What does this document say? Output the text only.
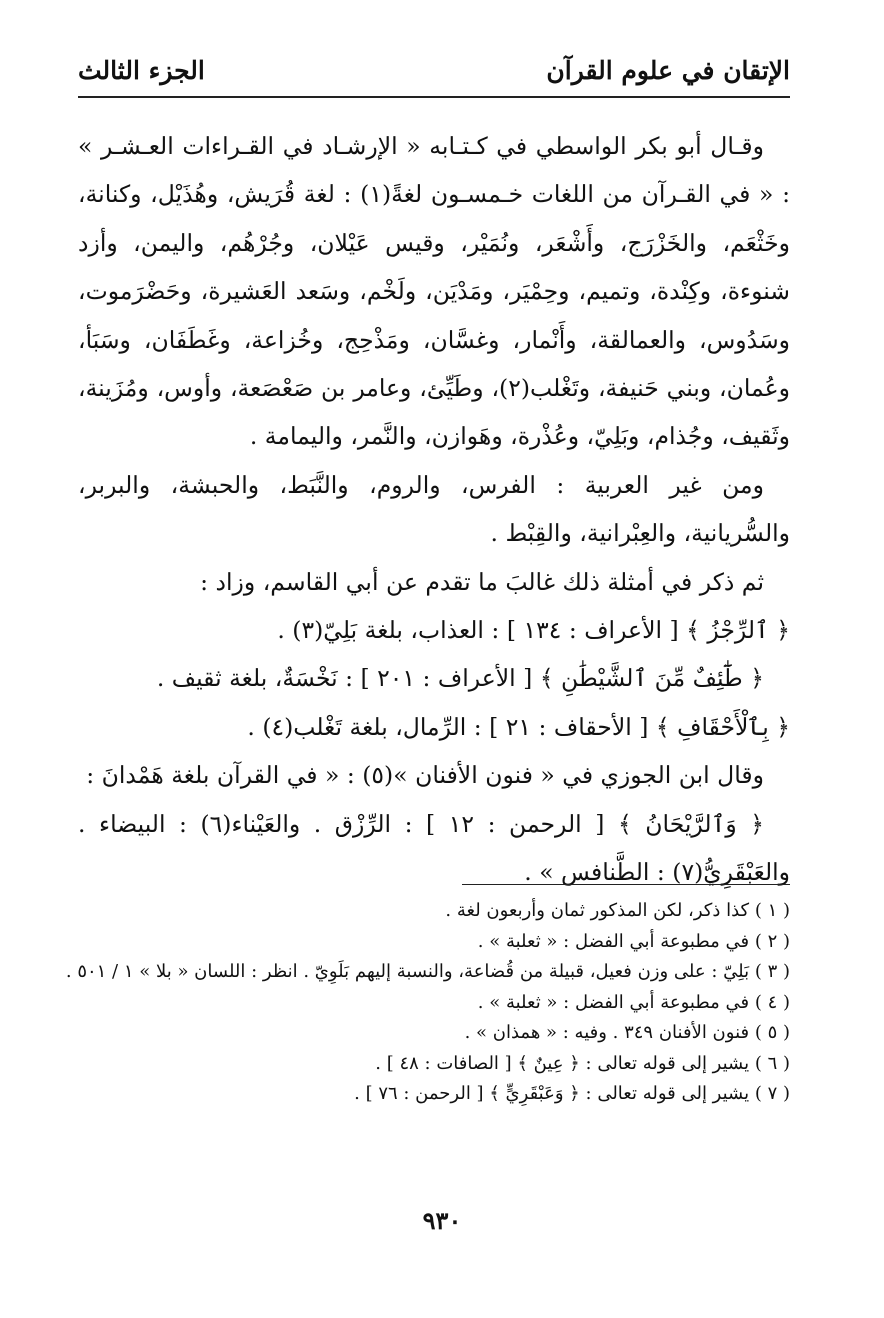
الإتقان في علوم القرآن
الجزء الثالث

وقـال أبو بكر الواسطي في كـتـابه « الإرشـاد في القـراءات العـشـر » : « في القـرآن من اللغات خـمسـون لغةً(١) : لغة قُرَيش، وهُذَيْل، وكنانة، وخَثْعَم، والخَزْرَج، وأَشْعَر، ونُمَيْر، وقيس عَيْلان، وجُرْهُم، واليمن، وأزد شنوءة، وكِنْدة، وتميم، وحِمْيَر، ومَدْيَن، ولَخْم، وسَعد العَشيرة، وحَضْرَموت، وسَدُوس، والعمالقة، وأَنْمار، وغسَّان، ومَذْحِج، وخُزاعة، وغَطَفَان، وسَبَأ، وعُمان، وبني حَنيفة، وتَغْلب(٢)، وطَيِّئ، وعامر بن صَعْصَعة، وأوس، ومُزَينة، وثَقيف، وجُذام، وبَلِيّ، وعُذْرة، وهَوازن، والنَّمر، واليمامة .

ومن غير العربية : الفرس، والروم، والنَّبَط، والحبشة، والبربر، والسُّريانية، والعِبْرانية، والقِبْط .

ثم ذكر في أمثلة ذلك غالبَ ما تقدم عن أبي القاسم، وزاد :

﴿ ٱلرِّجْزُ ﴾ [ الأعراف : ١٣٤ ] : العذاب، بلغة بَلِيّ(٣) .

﴿ طَٰٓئِفٌ مِّنَ ٱلشَّيْطَٰنِ ﴾ [ الأعراف : ٢٠١ ] : نَخْسَةٌ، بلغة ثقيف .

﴿ بِٱلْأَحْقَافِ ﴾ [ الأحقاف : ٢١ ] : الرِّمال، بلغة تَغْلب(٤) .

وقال ابن الجوزي في « فنون الأفنان »(٥) : « في القرآن بلغة هَمْدانَ :

﴿ وَٱلرَّيْحَانُ ﴾ [ الرحمن : ١٢ ] : الرِّزْق . والعَيْناء(٦) : البيضاء . والعَبْقَرِيُّ(٧) : الطَّنافس » .

( ١ ) كذا ذكر، لكن المذكور ثمان وأربعون لغة .

( ٢ ) في مطبوعة أبي الفضل : « ثعلبة » .

( ٣ ) بَلِيّ : على وزن فعيل، قبيلة من قُضاعة، والنسبة إليهم بَلَوِيّ . انظر : اللسان « بلا » ١ / ٥٠١ .

( ٤ ) في مطبوعة أبي الفضل : « ثعلبة » .

( ٥ ) فنون الأفنان ٣٤٩ . وفيه : « همذان » .

( ٦ ) يشير إلى قوله تعالى : ﴿ عِينٌ ﴾ [ الصافات : ٤٨ ] .

( ٧ ) يشير إلى قوله تعالى : ﴿ وَعَبْقَرِيٍّ ﴾ [ الرحمن : ٧٦ ] .

٩٣٠
